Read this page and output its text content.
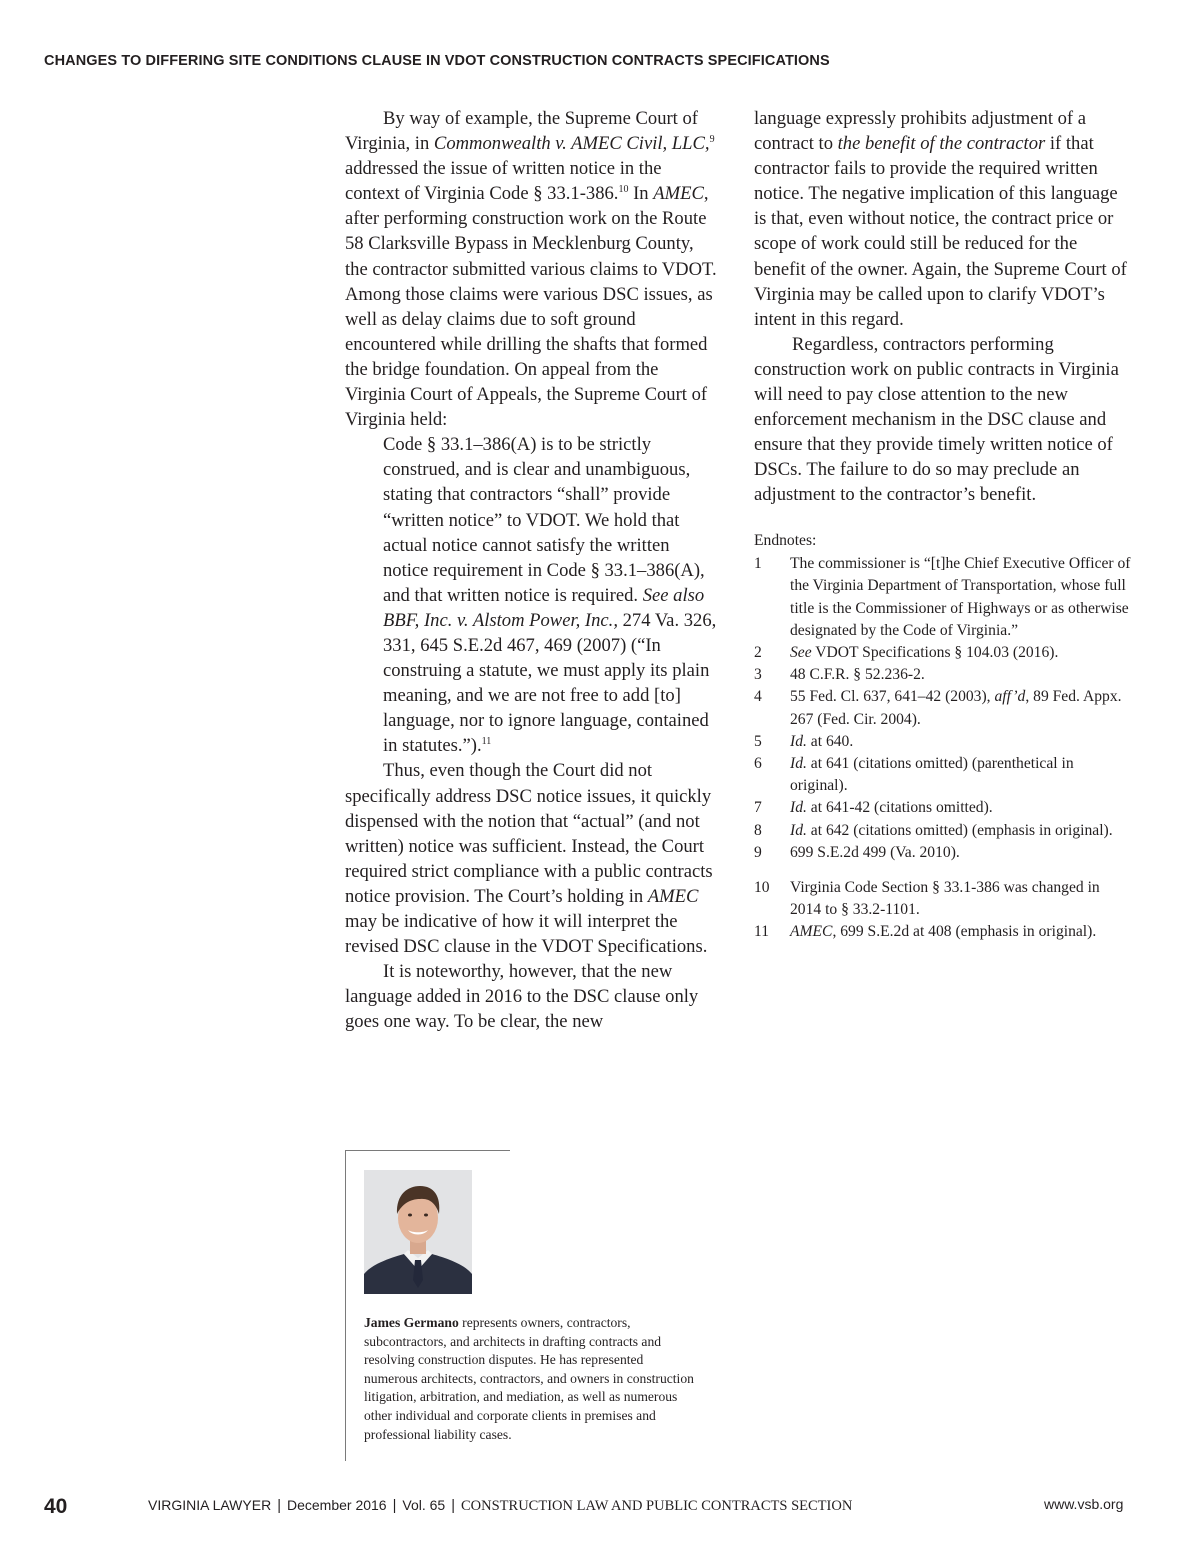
CHANGES TO DIFFERING SITE CONDITIONS CLAUSE IN VDOT CONSTRUCTION CONTRACTS SPECIFICATIONS

By way of example, the Supreme Court of Virginia, in Commonwealth v. AMEC Civil, LLC,$^9$ addressed the issue of written notice in the context of Virginia Code § 33.1-386.10 In AMEC, after performing construction work on the Route 58 Clarksville Bypass in Mecklenburg County, the contractor submitted various claims to VDOT. Among those claims were various DSC issues, as well as delay claims due to soft ground encountered while drilling the shafts that formed the bridge foundation. On appeal from the Virginia Court of Appeals, the Supreme Court of Virginia held:

Code § 33.1–386(A) is to be strictly construed, and is clear and unambiguous, stating that contractors “shall” provide “written notice” to VDOT. We hold that actual notice cannot satisfy the written notice requirement in Code § 33.1–386(A), and that written notice is required. See also BBF, Inc. v. Alstom Power, Inc., 274 Va. 326, 331, 645 S.E.2d 467, 469 (2007) (“In construing a statute, we must apply its plain meaning, and we are not free to add [to] language, nor to ignore language, contained in statutes.”).$^{11}$

Thus, even though the Court did not specifically address DSC notice issues, it quickly dispensed with the notion that “actual” (and not written) notice was sufficient. Instead, the Court required strict compliance with a public contracts notice provision. The Court’s holding in AMEC may be indicative of how it will interpret the revised DSC clause in the VDOT Specifications.

It is noteworthy, however, that the new language added in 2016 to the DSC clause only goes one way. To be clear, the new

language expressly prohibits adjustment of a contract to the benefit of the contractor if that contractor fails to provide the required written notice. The negative implication of this language is that, even without notice, the contract price or scope of work could still be reduced for the benefit of the owner. Again, the Supreme Court of Virginia may be called upon to clarify VDOT’s intent in this regard.

Regardless, contractors performing construction work on public contracts in Virginia will need to pay close attention to the new enforcement mechanism in the DSC clause and ensure that they provide timely written notice of DSCs. The failure to do so may preclude an adjustment to the contractor’s benefit.

Endnotes:
1	The commissioner is “[t]he Chief Executive Officer of the Virginia Department of Transportation, whose full title is the Commissioner of Highways or as otherwise designated by the Code of Virginia.”
2	See VDOT Specifications § 104.03 (2016).
3	48 C.F.R. § 52.236-2.
4	55 Fed. Cl. 637, 641–42 (2003), aff’d, 89 Fed. Appx. 267 (Fed. Cir. 2004).
5	Id. at 640.
6	Id. at 641 (citations omitted) (parenthetical in original).
7	Id. at 641-42 (citations omitted).
8	Id. at 642 (citations omitted) (emphasis in original).
9	699 S.E.2d 499 (Va. 2010).
10	Virginia Code Section § 33.1-386 was changed in 2014 to § 33.2-1101.
11	AMEC, 699 S.E.2d at 408 (emphasis in original).

James Germano represents owners, contractors, subcontractors, and architects in drafting contracts and resolving construction disputes. He has represented numerous architects, contractors, and owners in construction litigation, arbitration, and mediation, as well as numerous other individual and corporate clients in premises and professional liability cases.

40	VIRGINIA LAWYER | December 2016 | Vol. 65 | CONSTRUCTION LAW AND PUBLIC CONTRACTS SECTION	www.vsb.org
